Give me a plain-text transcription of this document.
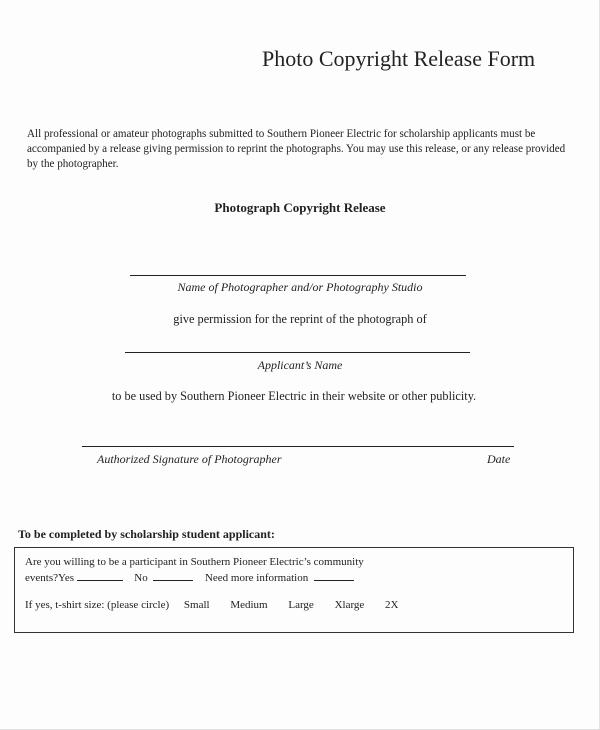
Photo Copyright Release Form
All professional or amateur photographs submitted to Southern Pioneer Electric for scholarship applicants must be accompanied by a release giving permission to reprint the photographs. You may use this release, or any release provided by the photographer.
Photograph Copyright Release
Name of Photographer and/or Photography Studio
give permission for the reprint of the photograph of
Applicant’s Name
to be used by Southern Pioneer Electric in their website or other publicity.
Authorized Signature of Photographer	Date
To be completed by scholarship student applicant:
Are you willing to be a participant in Southern Pioneer Electric’s community
events?Yes	No	Need more information
If yes, t-shirt size: (please circle) Small Medium Large Xlarge 2X
